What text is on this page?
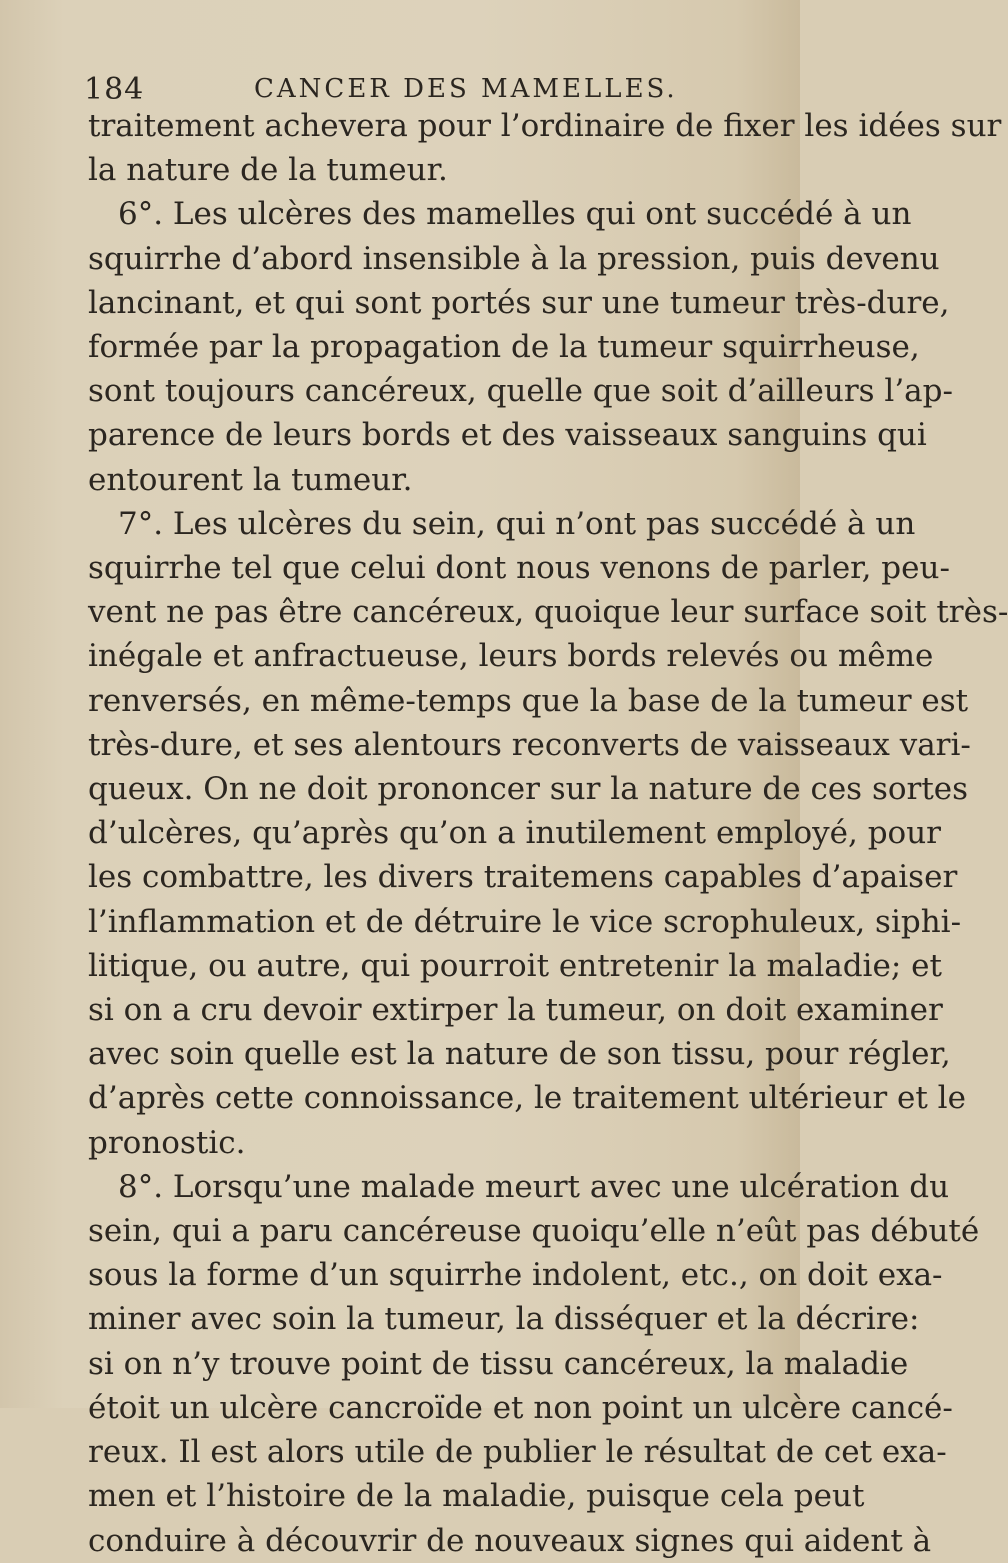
184	CANCER DES MAMELLES.
traitement achevera pour l’ordinaire de fixer les idées sur
la nature de la tumeur.
6°. Les ulcères des mamelles qui ont succédé à un
squirrhe d’abord insensible à la pression, puis devenu
lancinant, et qui sont portés sur une tumeur très-dure,
formée par la propagation de la tumeur squirrheuse,
sont toujours cancéreux, quelle que soit d’ailleurs l’ap-
parence de leurs bords et des vaisseaux sanguins qui
entourent la tumeur.
7°. Les ulcères du sein, qui n’ont pas succédé à un
squirrhe tel que celui dont nous venons de parler, peu-
vent ne pas être cancéreux, quoique leur surface soit très-
inégale et anfractueuse, leurs bords relevés ou même
renversés, en même-temps que la base de la tumeur est
très-dure, et ses alentours reconverts de vaisseaux vari-
queux. On ne doit prononcer sur la nature de ces sortes
d’ulcères, qu’après qu’on a inutilement employé, pour
les combattre, les divers traitemens capables d’apaiser
l’inflammation et de détruire le vice scrophuleux, siphi-
litique, ou autre, qui pourroit entretenir la maladie; et
si on a cru devoir extirper la tumeur, on doit examiner
avec soin quelle est la nature de son tissu, pour régler,
d’après cette connoissance, le traitement ultérieur et le
pronostic.
8°. Lorsqu’une malade meurt avec une ulcération du
sein, qui a paru cancéreuse quoiqu’elle n’eût pas débuté
sous la forme d’un squirrhe indolent, etc., on doit exa-
miner avec soin la tumeur, la disséquer et la décrire:
si on n’y trouve point de tissu cancéreux, la maladie
étoit un ulcère cancroïde et non point un ulcère cancé-
reux. Il est alors utile de publier le résultat de cet exa-
men et l’histoire de la maladie, puisque cela peut
conduire à découvrir de nouveaux signes qui aident à
